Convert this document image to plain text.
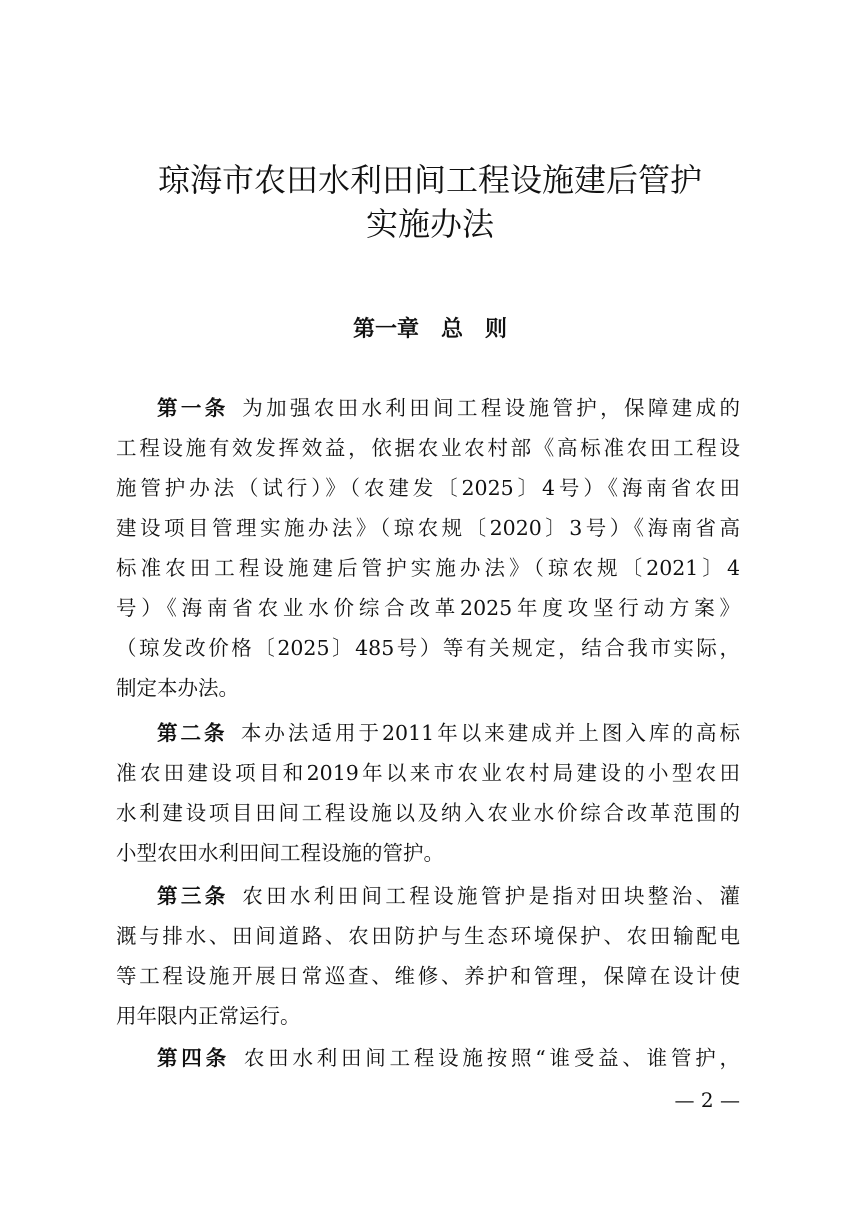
琼海市农田水利田间工程设施建后管护
实施办法
第一章　总　则
第一条  为加强农田水利田间工程设施管护，保障建成的
工程设施有效发挥效益，依据农业农村部《高标准农田工程设
施管护办法（试行）》（农建发〔2025〕4号）《海南省农田
建设项目管理实施办法》（琼农规〔2020〕3号）《海南省高
标准农田工程设施建后管护实施办法》（琼农规〔2021〕4
号）《海南省农业水价综合改革2025年度攻坚行动方案》
（琼发改价格〔2025〕485号）等有关规定，结合我市实际，
制定本办法。
第二条  本办法适用于2011年以来建成并上图入库的高标
准农田建设项目和2019年以来市农业农村局建设的小型农田
水利建设项目田间工程设施以及纳入农业水价综合改革范围的
小型农田水利田间工程设施的管护。
第三条  农田水利田间工程设施管护是指对田块整治、灌
溉与排水、田间道路、农田防护与生态环境保护、农田输配电
等工程设施开展日常巡查、维修、养护和管理，保障在设计使
用年限内正常运行。
第四条  农田水利田间工程设施按照“谁受益、谁管护，
— 2 —
